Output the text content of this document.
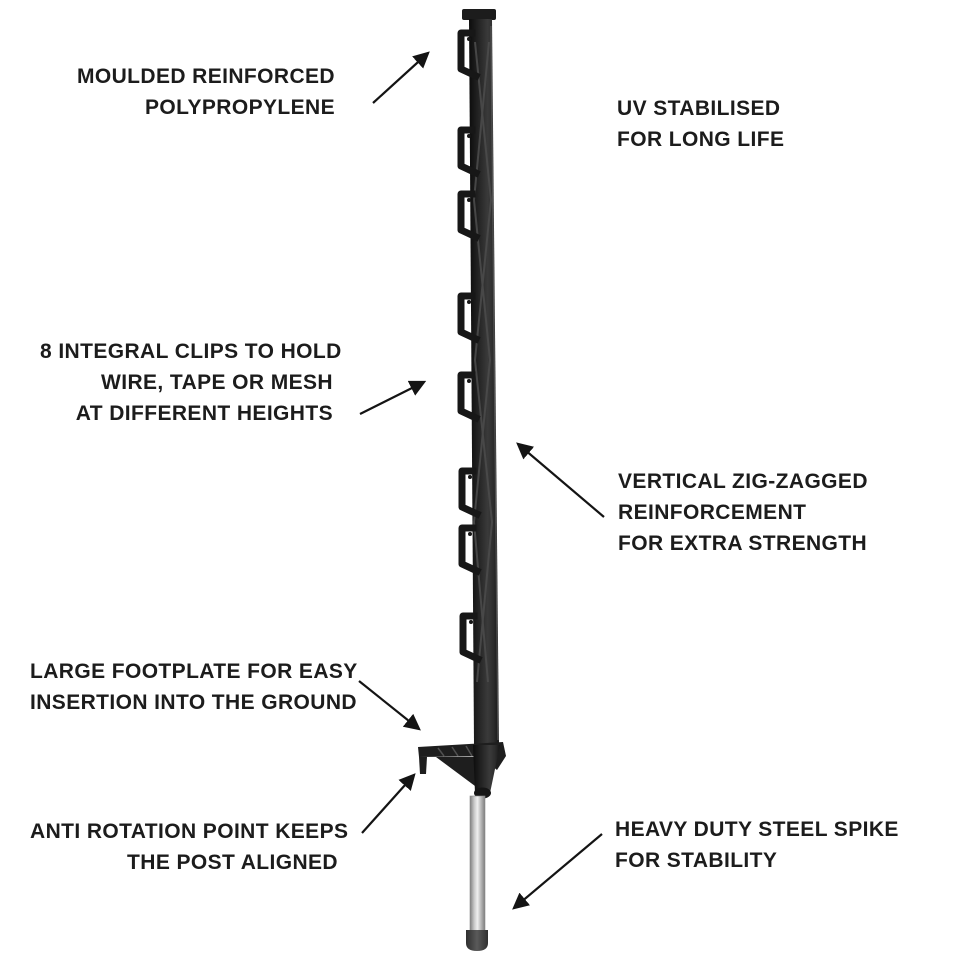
MOULDED REINFORCED
POLYPROPYLENE	UV STABILISED
FOR LONG LIFE
8 INTEGRAL CLIPS TO HOLD
WIRE, TAPE OR MESH
AT DIFFERENT HEIGHTS
VERTICAL ZIG-ZAGGED
REINFORCEMENT
FOR EXTRA STRENGTH
LARGE FOOTPLATE FOR EASY
INSERTION INTO THE GROUND
ANTI ROTATION POINT KEEPS
THE POST ALIGNED
HEAVY DUTY STEEL SPIKE
FOR STABILITY
